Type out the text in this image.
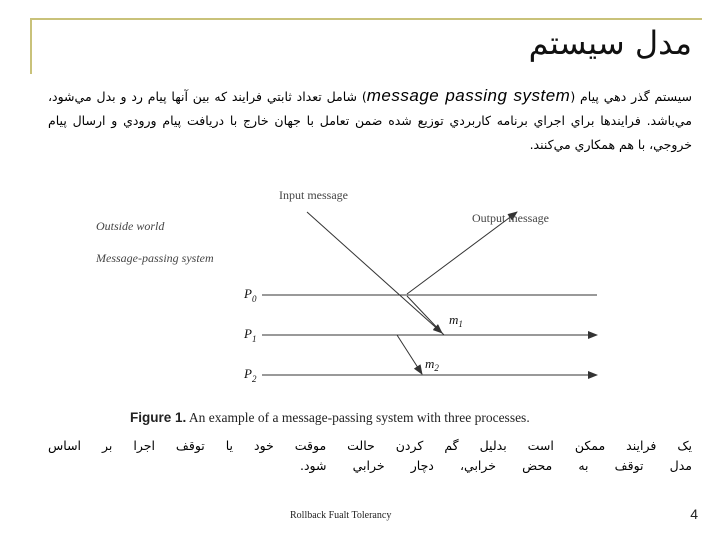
مدل سيستم
سيستم گذر دهي پيام (message passing system) شامل تعداد ثابتي فرايند كه بين آنها پيام رد و بدل مي‌شود، مي‌باشد. فرايندها براي اجراي برنامه كاربردي توزيع شده ضمن تعامل با جهان خارج با دريافت پيام ورودي و ارسال پيام خروجي، با هم همكاري مي‌كنند.
Input message
Output message
Outside world
Message-passing system
$P_0$
$P_1$
$P_2$
$m_1$
$m_2$
Figure 1. An example of a message-passing system with three processes.
يک فرايند ممكن است بدليل گم كردن حالت موقت خود يا توقف اجرا بر اساس
مدل توقف به محض خرابي، دچار خرابي شود.
Rollback Fualt Tolerancy	4
